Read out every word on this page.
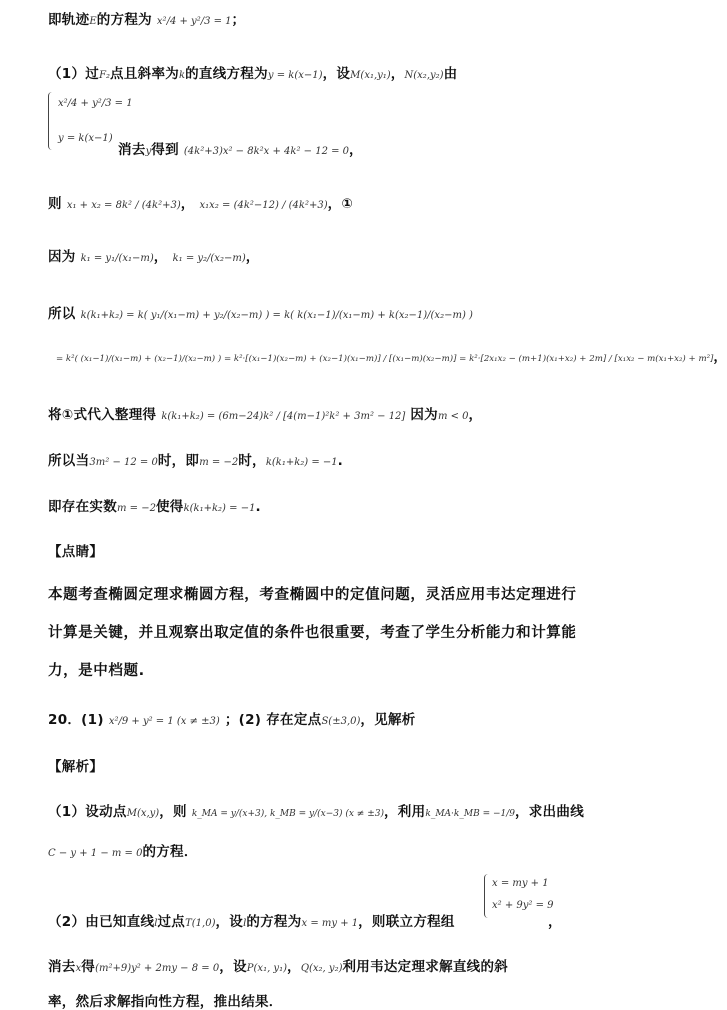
即轨迹E的方程为 x²/4 + y²/3 = 1；
（1）过F₂点且斜率为k的直线方程为y = k(x−1)，设M(x₁,y₁)，N(x₂,y₂)由
x²/4 + y²/3 = 1
y = k(x−1)
消去y得到 (4k²+3)x² − 8k²x + 4k² − 12 = 0，
则 x₁ + x₂ = 8k² / (4k²+3)， x₁x₂ = (4k²−12) / (4k²+3)，①
因为 k₁ = y₁/(x₁−m)， k₁ = y₂/(x₂−m)，
所以 k(k₁+k₂) = k( y₁/(x₁−m) + y₂/(x₂−m) ) = k( k(x₁−1)/(x₁−m) + k(x₂−1)/(x₂−m) )
= k²( (x₁−1)/(x₁−m) + (x₂−1)/(x₂−m) ) = k²·[(x₁−1)(x₂−m) + (x₂−1)(x₁−m)] / [(x₁−m)(x₂−m)] = k²·[2x₁x₂ − (m+1)(x₁+x₂) + 2m] / [x₁x₂ − m(x₁+x₂) + m²]，
将①式代入整理得 k(k₁+k₂) = (6m−24)k² / [4(m−1)²k² + 3m² − 12] 因为m < 0，
所以当3m² − 12 = 0时，即m = −2时，k(k₁+k₂) = −1.
即存在实数m = −2使得k(k₁+k₂) = −1.
【点睛】
本题考查椭圆定理求椭圆方程，考查椭圆中的定值问题，灵活应用韦达定理进行
计算是关键，并且观察出取定值的条件也很重要，考查了学生分析能力和计算能
力，是中档题.
20．(1) x²/9 + y² = 1 (x ≠ ±3) ；(2) 存在定点S(±3,0)，见解析
【解析】
（1）设动点M(x,y)，则 k_MA = y/(x+3), k_MB = y/(x−3) (x ≠ ±3)，利用k_MA·k_MB = −1/9，求出曲线
C − y + 1 − m = 0的方程．
（2）由已知直线l过点T(1,0)，设l的方程为x = my + 1，则联立方程组
x = my + 1
x² + 9y² = 9
，
消去x得(m²+9)y² + 2my − 8 = 0，设P(x₁, y₁)，Q(x₂, y₂)利用韦达定理求解直线的斜
率，然后求解指向性方程，推出结果．
